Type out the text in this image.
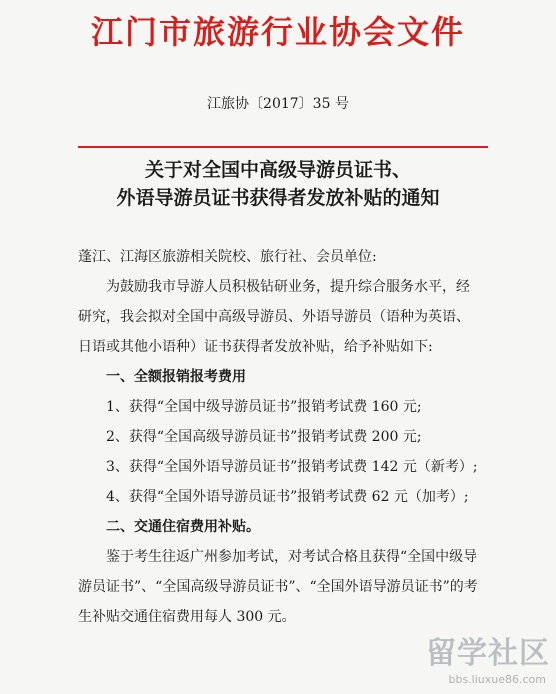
江门市旅游行业协会文件
江旅协〔2017〕35 号
关于对全国中高级导游员证书、
外语导游员证书获得者发放补贴的通知

蓬江、江海区旅游相关院校、旅行社、会员单位:

为鼓励我市导游人员积极钻研业务，提升综合服务水平，经研究，我会拟对全国中高级导游员、外语导游员（语种为英语、日语或其他小语种）证书获得者发放补贴，给予补贴如下:

一、全额报销报考费用

1、获得“全国中级导游员证书”报销考试费 160 元;

2、获得“全国高级导游员证书”报销考试费 200 元;

3、获得“全国外语导游员证书”报销考试费 142 元（新考）;

4、获得“全国外语导游员证书”报销考试费 62 元（加考）;

二、交通住宿费用补贴。

鉴于考生往返广州参加考试，对考试合格且获得“全国中级导游员证书”、“全国高级导游员证书”、“全国外语导游员证书”的考生补贴交通住宿费用每人 300 元。

留学社区
bbs.liuxue86.com
